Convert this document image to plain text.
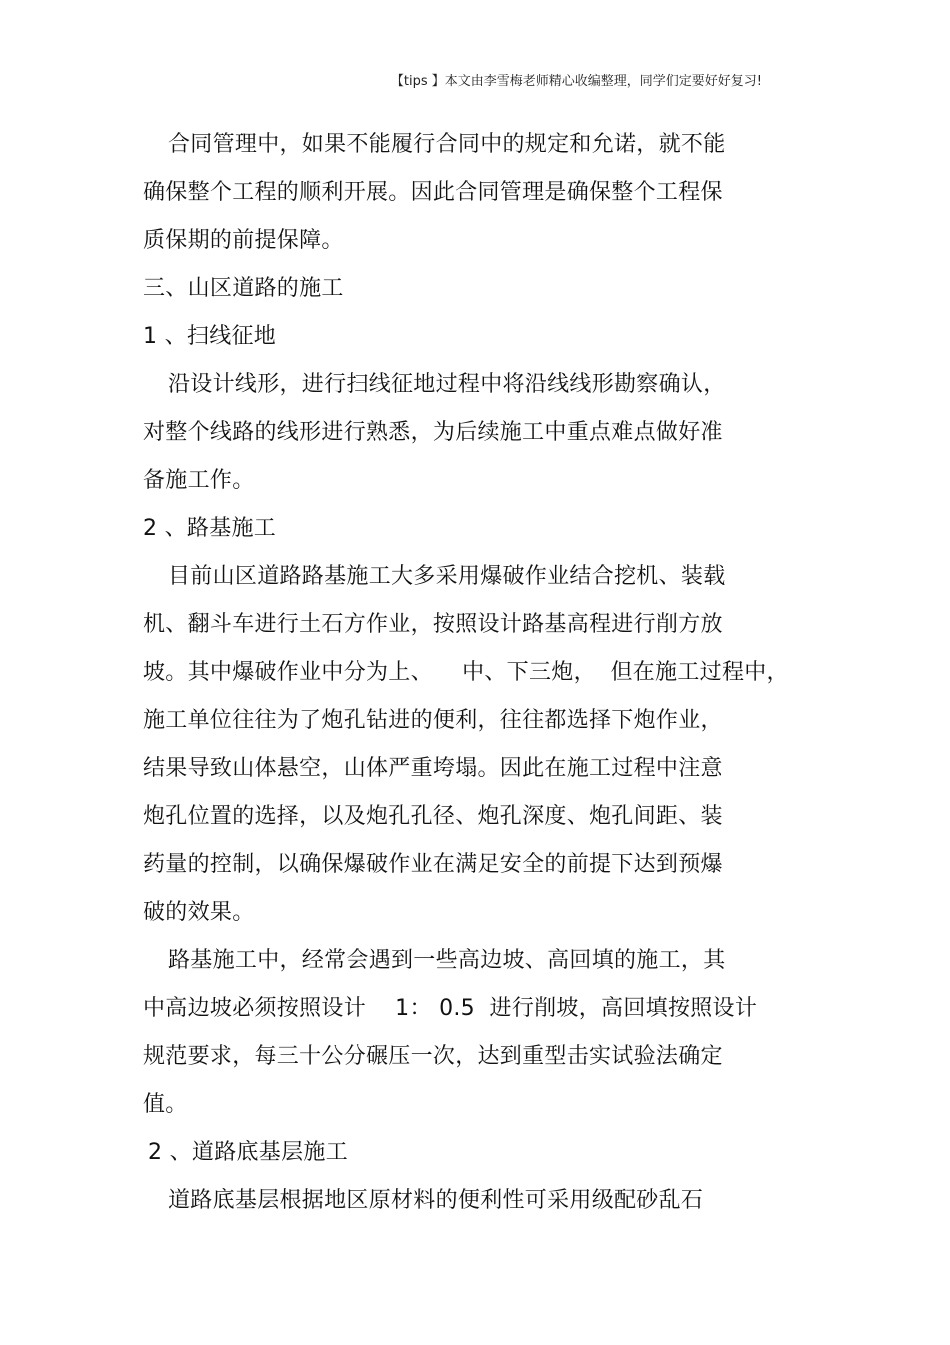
【tips 】本文由李雪梅老师精心收编整理，同学们定要好好复习!
合同管理中，如果不能履行合同中的规定和允诺，就不能
确保整个工程的顺利开展。因此合同管理是确保整个工程保
质保期的前提保障。
三、山区道路的施工
1 、扫线征地
沿设计线形，进行扫线征地过程中将沿线线形勘察确认，
对整个线路的线形进行熟悉，为后续施工中重点难点做好准
备施工作。
2 、路基施工
目前山区道路路基施工大多采用爆破作业结合挖机、装载
机、翻斗车进行土石方作业，按照设计路基高程进行削方放
坡。其中爆破作业中分为上、    中、下三炮，  但在施工过程中，
施工单位往往为了炮孔钻进的便利，往往都选择下炮作业，
结果导致山体悬空，山体严重垮塌。因此在施工过程中注意
炮孔位置的选择，以及炮孔孔径、炮孔深度、炮孔间距、装
药量的控制，以确保爆破作业在满足安全的前提下达到预爆
破的效果。
路基施工中，经常会遇到一些高边坡、高回填的施工，其
中高边坡必须按照设计    1： 0.5  进行削坡，高回填按照设计
规范要求，每三十公分碾压一次，达到重型击实试验法确定
值。
2 、道路底基层施工
道路底基层根据地区原材料的便利性可采用级配砂乱石
